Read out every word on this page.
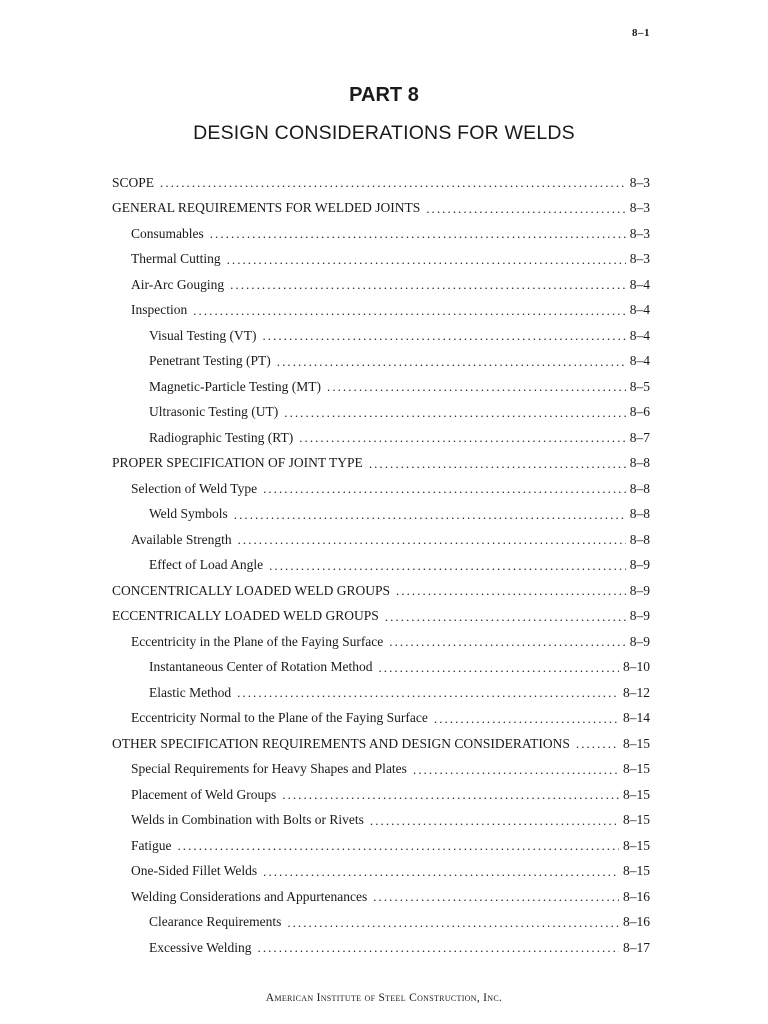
8–1
PART 8
DESIGN CONSIDERATIONS FOR WELDS
SCOPE . . .	8–3
GENERAL REQUIREMENTS FOR WELDED JOINTS . . .	8–3
Consumables . . .	8–3
Thermal Cutting . . .	8–3
Air-Arc Gouging . . .	8–4
Inspection . . .	8–4
Visual Testing (VT) . . .	8–4
Penetrant Testing (PT) . . .	8–4
Magnetic-Particle Testing (MT) . . .	8–5
Ultrasonic Testing (UT) . . .	8–6
Radiographic Testing (RT) . . .	8–7
PROPER SPECIFICATION OF JOINT TYPE . . .	8–8
Selection of Weld Type . . .	8–8
Weld Symbols . . .	8–8
Available Strength . . .	8–8
Effect of Load Angle . . .	8–9
CONCENTRICALLY LOADED WELD GROUPS . . .	8–9
ECCENTRICALLY LOADED WELD GROUPS . . .	8–9
Eccentricity in the Plane of the Faying Surface . . .	8–9
Instantaneous Center of Rotation Method . . .	8–10
Elastic Method . . .	8–12
Eccentricity Normal to the Plane of the Faying Surface . . .	8–14
OTHER SPECIFICATION REQUIREMENTS AND DESIGN CONSIDERATIONS . . .	8–15
Special Requirements for Heavy Shapes and Plates . . .	8–15
Placement of Weld Groups . . .	8–15
Welds in Combination with Bolts or Rivets . . .	8–15
Fatigue . . .	8–15
One-Sided Fillet Welds . . .	8–15
Welding Considerations and Appurtenances . . .	8–16
Clearance Requirements . . .	8–16
Excessive Welding . . .	8–17
American Institute of Steel Construction, Inc.
